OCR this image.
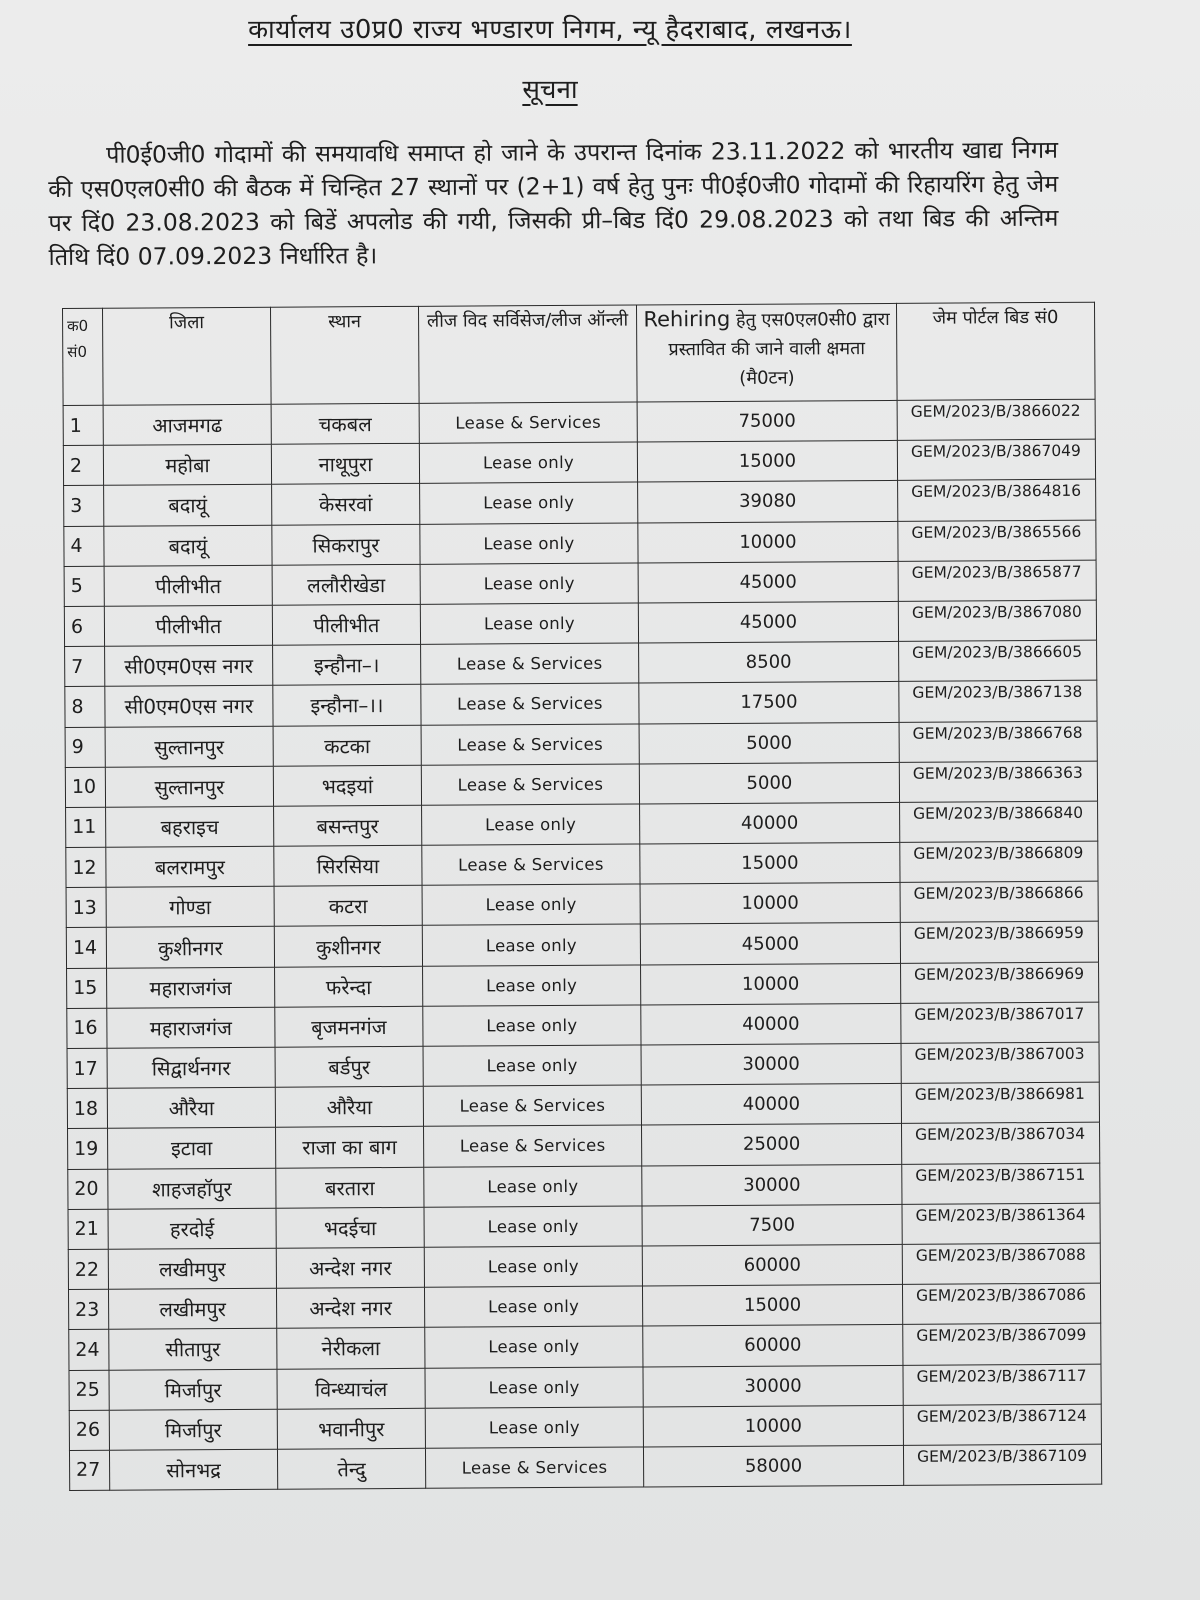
कार्यालय उ0प्र0 राज्य भण्डारण निगम, न्यू हैदराबाद, लखनऊ।
सूचना

पी0ई0जी0 गोदामों की समयावधि समाप्त हो जाने के उपरान्त दिनांक 23.11.2022 को भारतीय खाद्य निगम की एस0एल0सी0 की बैठक में चिन्हित 27 स्थानों पर (2+1) वर्ष हेतु पुनः पी0ई0जी0 गोदामों की रिहायरिंग हेतु जेम पर दिं0 23.08.2023 को बिडें अपलोड की गयी, जिसकी प्री–बिड दिं0 29.08.2023 को तथा बिड की अन्तिम तिथि दिं0 07.09.2023 निर्धारित है।

क0 सं0	जिला	स्थान	लीज विद सर्विसेज/लीज ऑन्ली	Rehiring हेतु एस0एल0सी0 द्वारा प्रस्तावित की जाने वाली क्षमता (मै0टन)	जेम पोर्टल बिड सं0
1	आजमगढ	चकबल	Lease & Services	75000	GEM/2023/B/3866022
2	महोबा	नाथूपुरा	Lease only	15000	GEM/2023/B/3867049
3	बदायूं	केसरवां	Lease only	39080	GEM/2023/B/3864816
4	बदायूं	सिकरापुर	Lease only	10000	GEM/2023/B/3865566
5	पीलीभीत	ललौरीखेडा	Lease only	45000	GEM/2023/B/3865877
6	पीलीभीत	पीलीभीत	Lease only	45000	GEM/2023/B/3867080
7	सी0एम0एस नगर	इन्हौना–।	Lease & Services	8500	GEM/2023/B/3866605
8	सी0एम0एस नगर	इन्हौना–।।	Lease & Services	17500	GEM/2023/B/3867138
9	सुल्तानपुर	कटका	Lease & Services	5000	GEM/2023/B/3866768
10	सुल्तानपुर	भदइयां	Lease & Services	5000	GEM/2023/B/3866363
11	बहराइच	बसन्तपुर	Lease only	40000	GEM/2023/B/3866840
12	बलरामपुर	सिरसिया	Lease & Services	15000	GEM/2023/B/3866809
13	गोण्डा	कटरा	Lease only	10000	GEM/2023/B/3866866
14	कुशीनगर	कुशीनगर	Lease only	45000	GEM/2023/B/3866959
15	महाराजगंज	फरेन्दा	Lease only	10000	GEM/2023/B/3866969
16	महाराजगंज	बृजमनगंज	Lease only	40000	GEM/2023/B/3867017
17	सिद्वार्थनगर	बर्डपुर	Lease only	30000	GEM/2023/B/3867003
18	औरैया	औरैया	Lease & Services	40000	GEM/2023/B/3866981
19	इटावा	राजा का बाग	Lease & Services	25000	GEM/2023/B/3867034
20	शाहजहॉपुर	बरतारा	Lease only	30000	GEM/2023/B/3867151
21	हरदोई	भदईचा	Lease only	7500	GEM/2023/B/3861364
22	लखीमपुर	अन्देश नगर	Lease only	60000	GEM/2023/B/3867088
23	लखीमपुर	अन्देश नगर	Lease only	15000	GEM/2023/B/3867086
24	सीतापुर	नेरीकला	Lease only	60000	GEM/2023/B/3867099
25	मिर्जापुर	विन्ध्याचंल	Lease only	30000	GEM/2023/B/3867117
26	मिर्जापुर	भवानीपुर	Lease only	10000	GEM/2023/B/3867124
27	सोनभद्र	तेन्दु	Lease & Services	58000	GEM/2023/B/3867109
